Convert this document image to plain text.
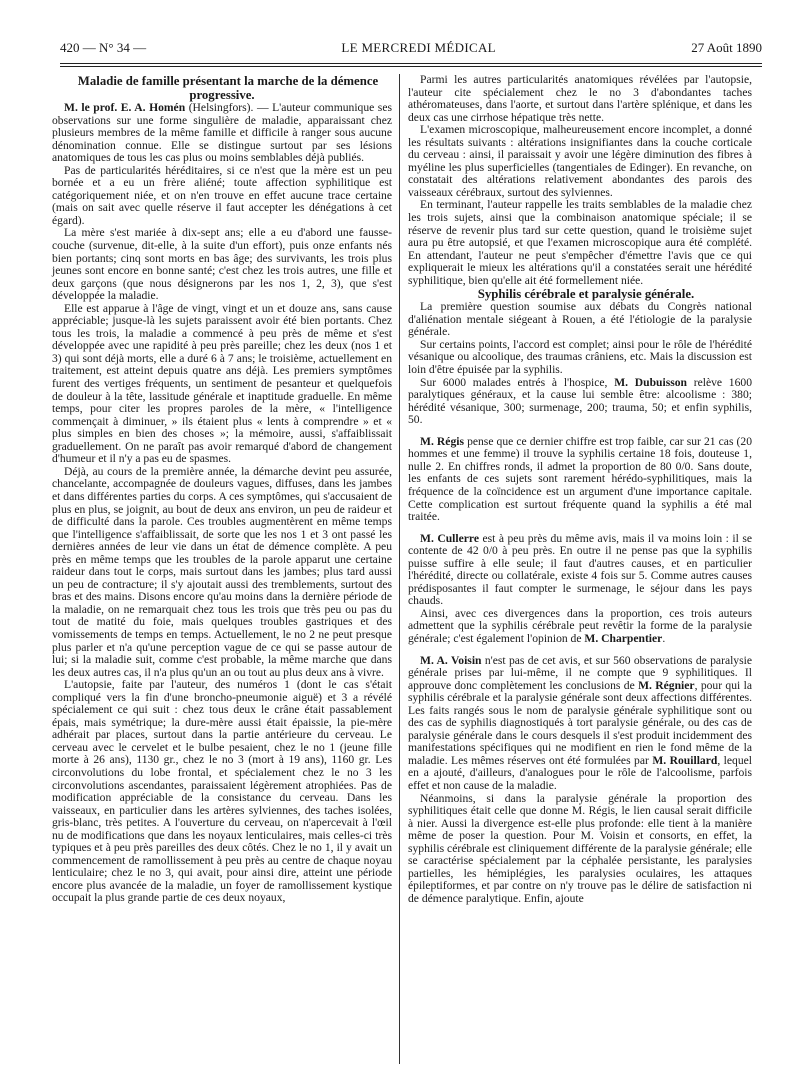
420 — N° 34 —	LE MERCREDI MÉDICAL	27 Août 1890

Maladie de famille présentant la marche de la démence progressive.

M. le prof. E. A. Homén (Helsingfors). — L'auteur communique ses observations sur une forme singulière de maladie, apparaissant chez plusieurs membres de la même famille et difficile à ranger sous aucune dénomination connue. Elle se distingue surtout par ses lésions anatomiques de tous les cas plus ou moins semblables déjà publiés.

Pas de particularités héréditaires, si ce n'est que la mère est un peu bornée et a eu un frère aliéné; toute affection syphilitique est catégoriquement niée, et on n'en trouve en effet aucune trace certaine (mais on sait avec quelle réserve il faut accepter les dénégations à cet égard).

La mère s'est mariée à dix-sept ans; elle a eu d'abord une fausse-couche (survenue, dit-elle, à la suite d'un effort), puis onze enfants nés bien portants; cinq sont morts en bas âge; des survivants, les trois plus jeunes sont encore en bonne santé; c'est chez les trois autres, une fille et deux garçons (que nous désignerons par les nos 1, 2, 3), que s'est développée la maladie.

Elle est apparue à l'âge de vingt, vingt et un et douze ans, sans cause appréciable; jusque-là les sujets paraissent avoir été bien portants. Chez tous les trois, la maladie a commencé à peu près de même et s'est développée avec une rapidité à peu près pareille; chez les deux (nos 1 et 3) qui sont déjà morts, elle a duré 6 à 7 ans; le troisième, actuellement en traitement, est atteint depuis quatre ans déjà. Les premiers symptômes furent des vertiges fréquents, un sentiment de pesanteur et quelquefois de douleur à la tête, lassitude générale et inaptitude graduelle. En même temps, pour citer les propres paroles de la mère, « l'intelligence commençait à diminuer, » ils étaient plus « lents à comprendre » et « plus simples en bien des choses »; la mémoire, aussi, s'affaiblissait graduellement. On ne paraît pas avoir remarqué d'abord de changement d'humeur et il n'y a pas eu de spasmes.

Déjà, au cours de la première année, la démarche devint peu assurée, chancelante, accompagnée de douleurs vagues, diffuses, dans les jambes et dans différentes parties du corps. A ces symptômes, qui s'accusaient de plus en plus, se joignit, au bout de deux ans environ, un peu de raideur et de difficulté dans la parole. Ces troubles augmentèrent en même temps que l'intelligence s'affaiblissait, de sorte que les nos 1 et 3 ont passé les dernières années de leur vie dans un état de démence complète. A peu près en même temps que les troubles de la parole apparut une certaine raideur dans tout le corps, mais surtout dans les jambes; plus tard aussi un peu de contracture; il s'y ajoutait aussi des tremblements, surtout des bras et des mains. Disons encore qu'au moins dans la dernière période de la maladie, on ne remarquait chez tous les trois que très peu ou pas du tout de matité du foie, mais quelques troubles gastriques et des vomissements de temps en temps. Actuellement, le no 2 ne peut presque plus parler et n'a qu'une perception vague de ce qui se passe autour de lui; si la maladie suit, comme c'est probable, la même marche que dans les deux autres cas, il n'a plus qu'un an ou tout au plus deux ans à vivre.

L'autopsie, faite par l'auteur, des numéros 1 (dont le cas s'était compliqué vers la fin d'une broncho-pneumonie aiguë) et 3 a révélé spécialement ce qui suit : chez tous deux le crâne était passablement épais, mais symétrique; la dure-mère aussi était épaissie, la pie-mère adhérait par places, surtout dans la partie antérieure du cerveau. Le cerveau avec le cervelet et le bulbe pesaient, chez le no 1 (jeune fille morte à 26 ans), 1130 gr., chez le no 3 (mort à 19 ans), 1160 gr. Les circonvolutions du lobe frontal, et spécialement chez le no 3 les circonvolutions ascendantes, paraissaient légèrement atrophiées. Pas de modification appréciable de la consistance du cerveau. Dans les vaisseaux, en particulier dans les artères sylviennes, des taches isolées, gris-blanc, très petites. A l'ouverture du cerveau, on n'apercevait à l'œil nu de modifications que dans les noyaux lenticulaires, mais celles-ci très typiques et à peu près pareilles des deux côtés. Chez le no 1, il y avait un commencement de ramollissement à peu près au centre de chaque noyau lenticulaire; chez le no 3, qui avait, pour ainsi dire, atteint une période encore plus avancée de la maladie, un foyer de ramollissement kystique occupait la plus grande partie de ces deux noyaux,

Parmi les autres particularités anatomiques révélées par l'autopsie, l'auteur cite spécialement chez le no 3 d'abondantes taches athéromateuses, dans l'aorte, et surtout dans l'artère splénique, et dans les deux cas une cirrhose hépatique très nette.

L'examen microscopique, malheureusement encore incomplet, a donné les résultats suivants : altérations insignifiantes dans la couche corticale du cerveau : ainsi, il paraissait y avoir une légère diminution des fibres à myéline les plus superficielles (tangentiales de Edinger). En revanche, on constatait des altérations relativement abondantes des parois des vaisseaux cérébraux, surtout des sylviennes.

En terminant, l'auteur rappelle les traits semblables de la maladie chez les trois sujets, ainsi que la combinaison anatomique spéciale; il se réserve de revenir plus tard sur cette question, quand le troisième sujet aura pu être autopsié, et que l'examen microscopique aura été complété. En attendant, l'auteur ne peut s'empêcher d'émettre l'avis que ce qui expliquerait le mieux les altérations qu'il a constatées serait une hérédité syphilitique, bien qu'elle ait été formellement niée.

Syphilis cérébrale et paralysie générale.

La première question soumise aux débats du Congrès national d'aliénation mentale siégeant à Rouen, a été l'étiologie de la paralysie générale.

Sur certains points, l'accord est complet; ainsi pour le rôle de l'hérédité vésanique ou alcoolique, des traumas crâniens, etc. Mais la discussion est loin d'être épuisée par la syphilis.

Sur 6000 malades entrés à l'hospice, M. Dubuisson relève 1600 paralytiques généraux, et la cause lui semble être: alcoolisme : 380; hérédité vésanique, 300; surmenage, 200; trauma, 50; et enfin syphilis, 50.

M. Régis pense que ce dernier chiffre est trop faible, car sur 21 cas (20 hommes et une femme) il trouve la syphilis certaine 18 fois, douteuse 1, nulle 2. En chiffres ronds, il admet la proportion de 80 0/0. Sans doute, les enfants de ces sujets sont rarement hérédo-syphilitiques, mais la fréquence de la coïncidence est un argument d'une importance capitale. Cette complication est surtout fréquente quand la syphilis a été mal traitée.

M. Cullerre est à peu près du même avis, mais il va moins loin : il se contente de 42 0/0 à peu près. En outre il ne pense pas que la syphilis puisse suffire à elle seule; il faut d'autres causes, et en particulier l'hérédité, directe ou collatérale, existe 4 fois sur 5. Comme autres causes prédisposantes il faut compter le surmenage, le séjour dans les pays chauds.

Ainsi, avec ces divergences dans la proportion, ces trois auteurs admettent que la syphilis cérébrale peut revêtir la forme de la paralysie générale; c'est également l'opinion de M. Charpentier.

M. A. Voisin n'est pas de cet avis, et sur 560 observations de paralysie générale prises par lui-même, il ne compte que 9 syphilitiques. Il approuve donc complètement les conclusions de M. Régnier, pour qui la syphilis cérébrale et la paralysie générale sont deux affections différentes. Les faits rangés sous le nom de paralysie générale syphilitique sont ou des cas de syphilis diagnostiqués à tort paralysie générale, ou des cas de paralysie générale dans le cours desquels il s'est produit incidemment des manifestations spécifiques qui ne modifient en rien le fond même de la maladie. Les mêmes réserves ont été formulées par M. Rouillard, lequel en a ajouté, d'ailleurs, d'analogues pour le rôle de l'alcoolisme, parfois effet et non cause de la maladie.

Néanmoins, si dans la paralysie générale la proportion des syphilitiques était celle que donne M. Régis, le lien causal serait difficile à nier. Aussi la divergence est-elle plus profonde: elle tient à la manière même de poser la question. Pour M. Voisin et consorts, en effet, la syphilis cérébrale est cliniquement différente de la paralysie générale; elle se caractérise spécialement par la céphalée persistante, les paralysies partielles, les hémiplégies, les paralysies oculaires, les attaques épileptiformes, et par contre on n'y trouve pas le délire de satisfaction ni de démence paralytique. Enfin, ajoute
